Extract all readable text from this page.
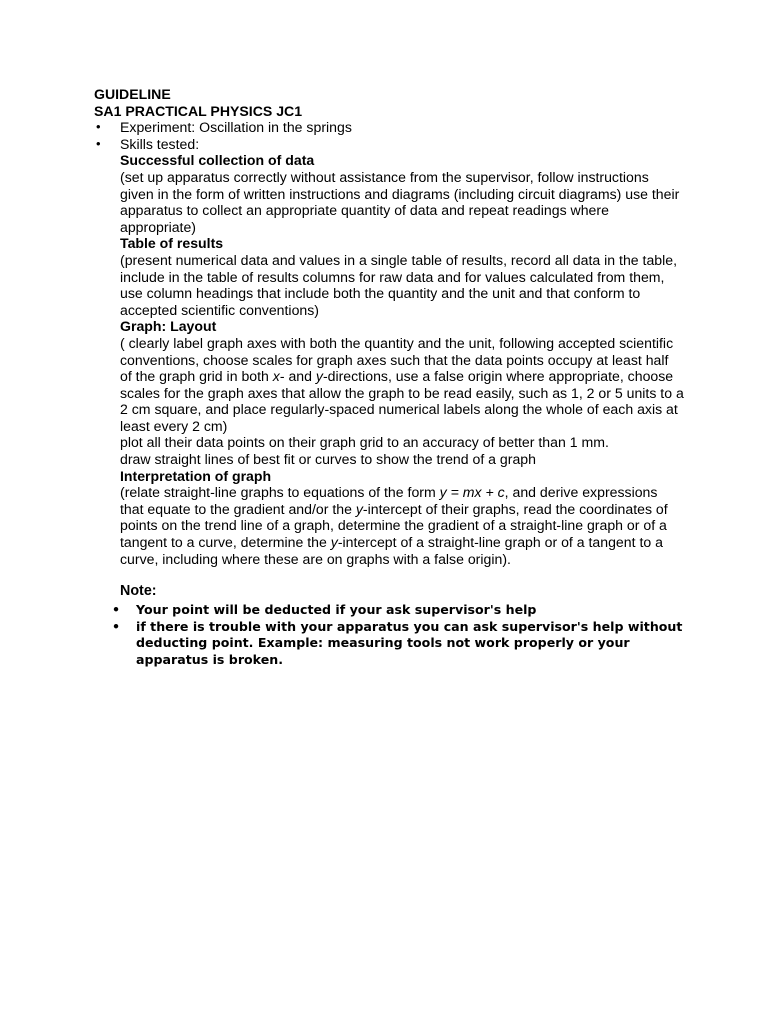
GUIDELINE
SA1 PRACTICAL PHYSICS JC1
• Experiment: Oscillation in the springs
• Skills tested:
Successful collection of data
(set up apparatus correctly without assistance from the supervisor, follow instructions given in the form of written instructions and diagrams (including circuit diagrams) use their apparatus to collect an appropriate quantity of data and repeat readings where appropriate)
Table of results
(present numerical data and values in a single table of results, record all data in the table, include in the table of results columns for raw data and for values calculated from them, use column headings that include both the quantity and the unit and that conform to accepted scientific conventions)
Graph: Layout
( clearly label graph axes with both the quantity and the unit, following accepted scientific conventions, choose scales for graph axes such that the data points occupy at least half of the graph grid in both x- and y-directions, use a false origin where appropriate, choose scales for the graph axes that allow the graph to be read easily, such as 1, 2 or 5 units to a 2 cm square, and place regularly-spaced numerical labels along the whole of each axis at least every 2 cm)
plot all their data points on their graph grid to an accuracy of better than 1 mm.
draw straight lines of best fit or curves to show the trend of a graph
Interpretation of graph
(relate straight-line graphs to equations of the form y = mx + c, and derive expressions that equate to the gradient and/or the y-intercept of their graphs, read the coordinates of points on the trend line of a graph, determine the gradient of a straight-line graph or of a tangent to a curve, determine the y-intercept of a straight-line graph or of a tangent to a curve, including where these are on graphs with a false origin).
Note:
• Your point will be deducted if your ask supervisor's help
• if there is trouble with your apparatus you can ask supervisor's help without deducting point. Example: measuring tools not work properly or your apparatus is broken.
